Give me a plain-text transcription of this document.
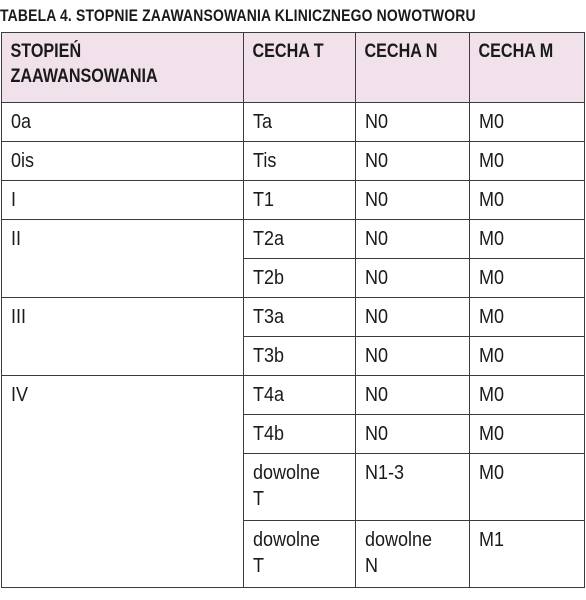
TABELA 4. STOPNIE ZAAWANSOWANIA KLINICZNEGO NOWOTWORU
STOPIEŃ
ZAAWANSOWANIA	CECHA T	CECHA N	CECHA M

0a	Ta	N0	M0

0is	Tis	N0	M0

I	T1	N0	M0

II	T2a	N0	M0

	T2b	N0	M0

III	T3a	N0	M0

	T3b	N0	M0

IV	T4a	N0	M0

	T4b	N0	M0

	dowolne T	N1-3	M0

	dowolne T	dowolne N	M1
